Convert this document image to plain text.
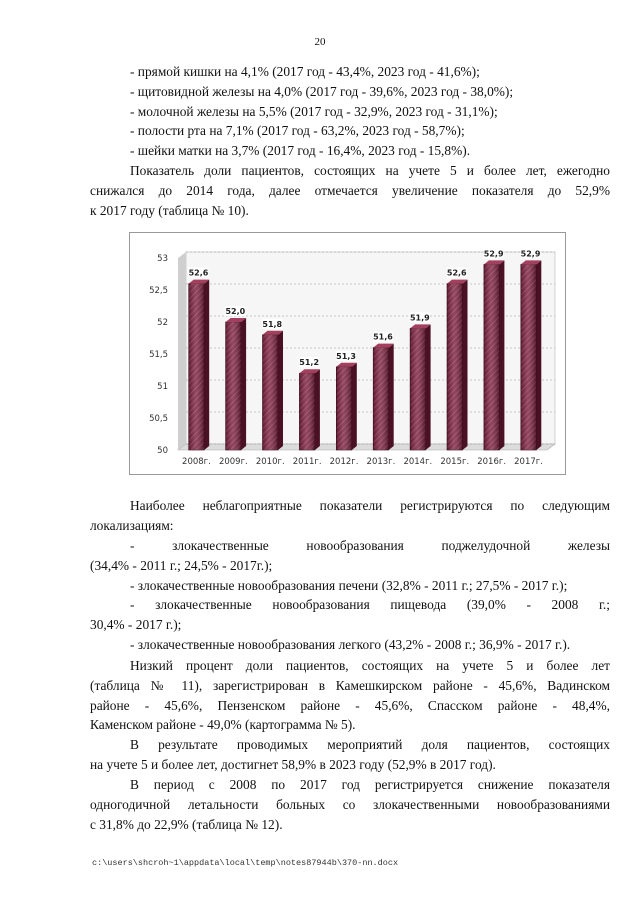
20

- прямой кишки на 4,1% (2017 год - 43,4%, 2023 год - 41,6%);

- щитовидной железы на 4,0% (2017 год - 39,6%, 2023 год - 38,0%);

- молочной железы на 5,5% (2017 год - 32,9%, 2023 год - 31,1%);

- полости рта на 7,1% (2017 год - 63,2%, 2023 год - 58,7%);

- шейки матки на 3,7% (2017 год - 16,4%, 2023 год - 15,8%).

Показатель доли пациентов, состоящих на учете 5 и более лет, ежегодно

снижался до 2014 года, далее отмечается увеличение показателя до 52,9%

к 2017 году (таблица № 10).

50
50,5
51
51,5
52
52,5
53
52,6
2008г.
52,0
2009г.
51,8
2010г.
51,2
2011г.
51,3
2012г.
51,6
2013г.
51,9
2014г.
52,6
2015г.
52,9
2016г.
52,9
2017г.

Наиболее неблагоприятные показатели регистрируются по следующим

локализациям:

- злокачественные новообразования поджелудочной железы

(34,4% - 2011 г.; 24,5% - 2017г.);

- злокачественные новообразования печени (32,8% - 2011 г.; 27,5% - 2017 г.);

- злокачественные новообразования пищевода (39,0% - 2008 г.;

30,4% - 2017 г.);

- злокачественные новообразования легкого (43,2% - 2008 г.; 36,9% - 2017 г.).

Низкий процент доли пациентов, состоящих на учете 5 и более лет

(таблица № 11), зарегистрирован в Камешкирском районе - 45,6%, Вадинском

районе - 45,6%, Пензенском районе - 45,6%, Спасском районе - 48,4%,

Каменском районе - 49,0% (картограмма № 5).

В результате проводимых мероприятий доля пациентов, состоящих

на учете 5 и более лет, достигнет 58,9% в 2023 году (52,9% в 2017 год).

В период с 2008 по 2017 год регистрируется снижение показателя

одногодичной летальности больных со злокачественными новообразованиями

с 31,8% до 22,9% (таблица № 12).

c:\users\shcroh~1\appdata\local\temp\notes87944b\370-nn.docx
